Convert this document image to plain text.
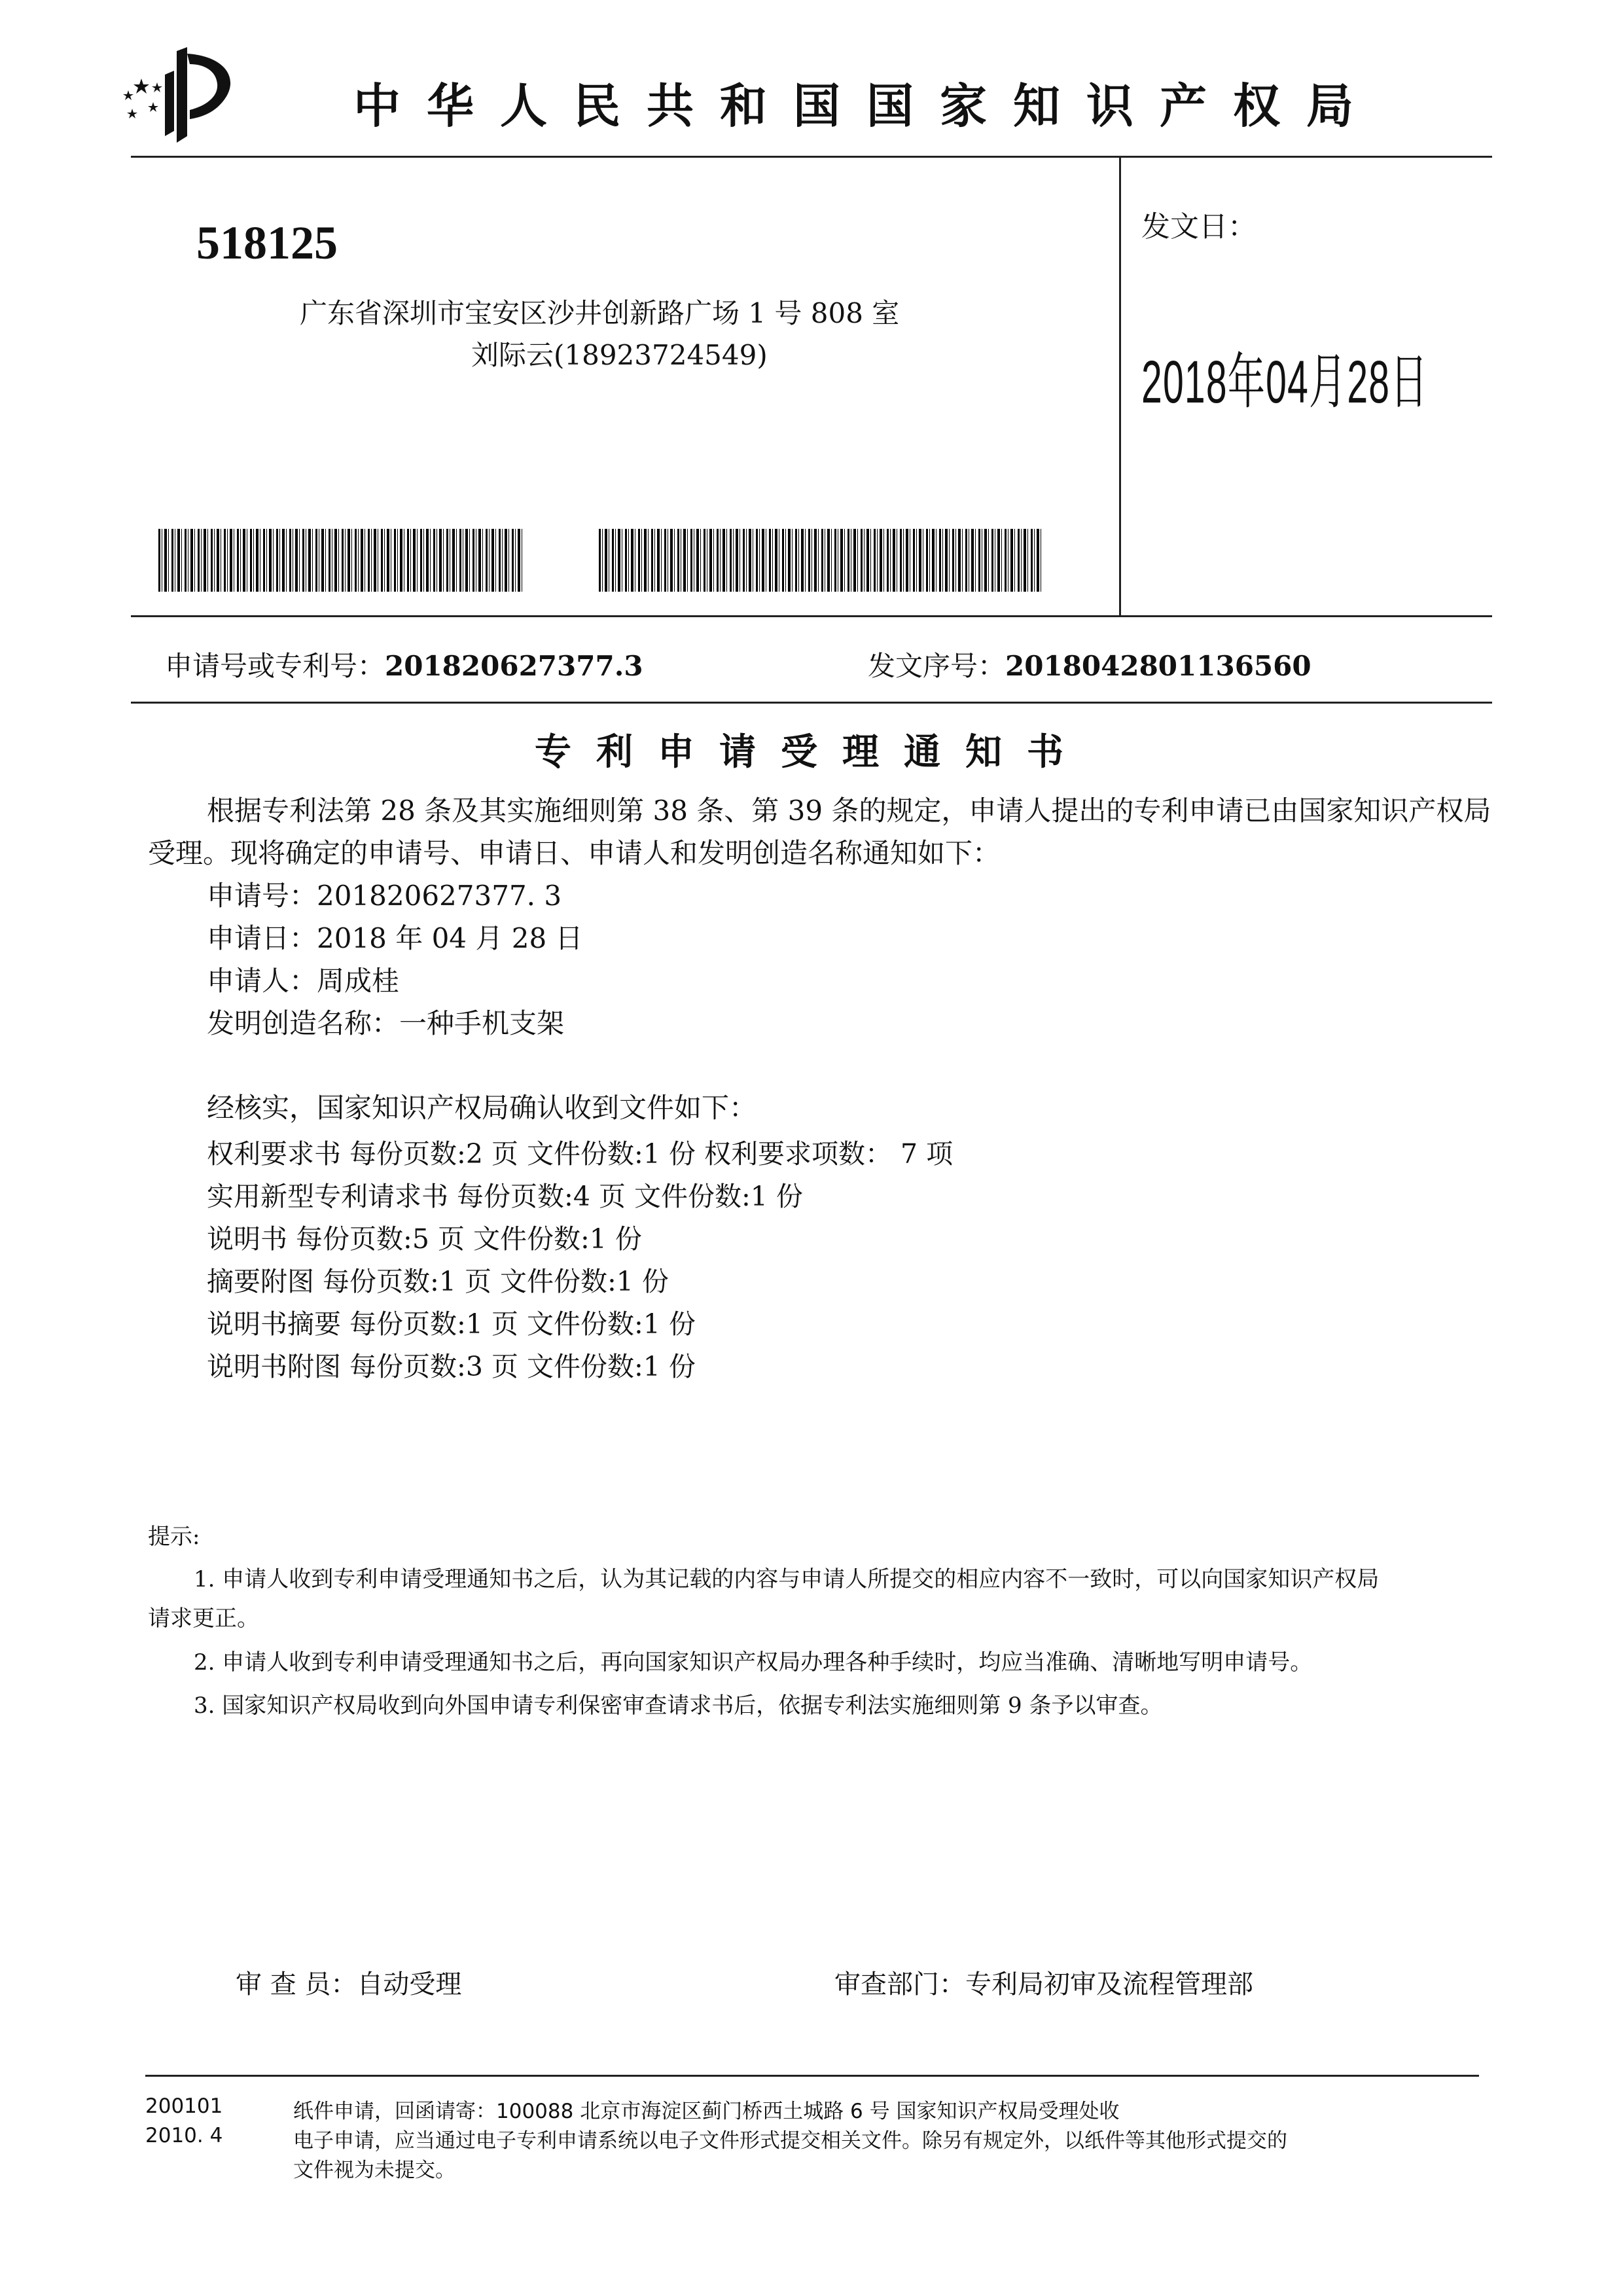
中华人民共和国国家知识产权局
518125
广东省深圳市宝安区沙井创新路广场 1 号 808 室
刘际云(18923724549)
发文日：
2018年04月28日
申请号或专利号：201820627377.3	发文序号：2018042801136560
专利申请受理通知书
根据专利法第 28 条及其实施细则第 38 条、第 39 条的规定，申请人提出的专利申请已由国家知识产权局
受理。现将确定的申请号、申请日、申请人和发明创造名称通知如下：
申请号：201820627377. 3
申请日：2018 年 04 月 28 日
申请人：周成桂
发明创造名称：一种手机支架
经核实，国家知识产权局确认收到文件如下：
权利要求书 每份页数:2 页 文件份数:1 份 权利要求项数： 7 项
实用新型专利请求书 每份页数:4 页 文件份数:1 份
说明书 每份页数:5 页 文件份数:1 份
摘要附图 每份页数:1 页 文件份数:1 份
说明书摘要 每份页数:1 页 文件份数:1 份
说明书附图 每份页数:3 页 文件份数:1 份
提示:
1. 申请人收到专利申请受理通知书之后，认为其记载的内容与申请人所提交的相应内容不一致时，可以向国家知识产权局
请求更正。
2. 申请人收到专利申请受理通知书之后，再向国家知识产权局办理各种手续时，均应当准确、清晰地写明申请号。
3. 国家知识产权局收到向外国申请专利保密审查请求书后，依据专利法实施细则第 9 条予以审查。
审 查 员：自动受理	审查部门：专利局初审及流程管理部
200101
2010. 4
纸件申请，回函请寄：100088 北京市海淀区蓟门桥西土城路 6 号 国家知识产权局受理处收
电子申请，应当通过电子专利申请系统以电子文件形式提交相关文件。除另有规定外，以纸件等其他形式提交的
文件视为未提交。
